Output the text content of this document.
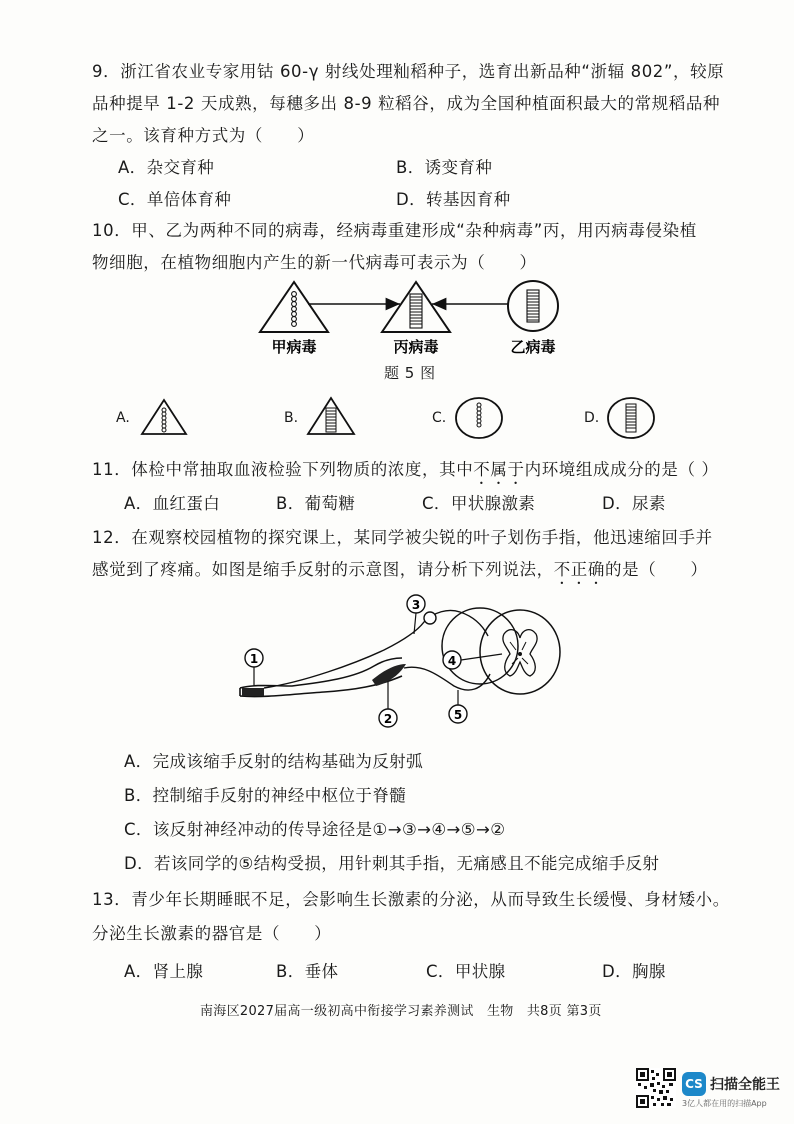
9．浙江省农业专家用钴 60-γ 射线处理籼稻种子，选育出新品种“浙辐 802”，较原
品种提早 1-2 天成熟，每穗多出 8-9 粒稻谷，成为全国种植面积最大的常规稻品种
之一。该育种方式为（　　）
A．杂交育种	B．诱变育种
C．单倍体育种	D．转基因育种
10．甲、乙为两种不同的病毒，经病毒重建形成“杂种病毒”丙，用丙病毒侵染植
物细胞，在植物细胞内产生的新一代病毒可表示为（　　）
甲病毒	丙病毒	乙病毒
题 5 图
A.	B.	C.	D.
11．体检中常抽取血液检验下列物质的浓度，其中不属于内环境组成成分的是（ ）
A．血红蛋白	B．葡萄糖	C．甲状腺激素	D．尿素
12．在观察校园植物的探究课上，某同学被尖锐的叶子划伤手指，他迅速缩回手并
感觉到了疼痛。如图是缩手反射的示意图，请分析下列说法，不正确的是（　　）
1
2
3
4
5
A．完成该缩手反射的结构基础为反射弧
B．控制缩手反射的神经中枢位于脊髓
C．该反射神经冲动的传导途径是①→③→④→⑤→②
D．若该同学的⑤结构受损，用针刺其手指，无痛感且不能完成缩手反射
13．青少年长期睡眠不足，会影响生长激素的分泌，从而导致生长缓慢、身材矮小。
分泌生长激素的器官是（　　）
A．肾上腺	B．垂体	C．甲状腺	D．胸腺
南海区2027届高一级初高中衔接学习素养测试　生物　共8页 第3页
CS 扫描全能王
3亿人都在用的扫描App
